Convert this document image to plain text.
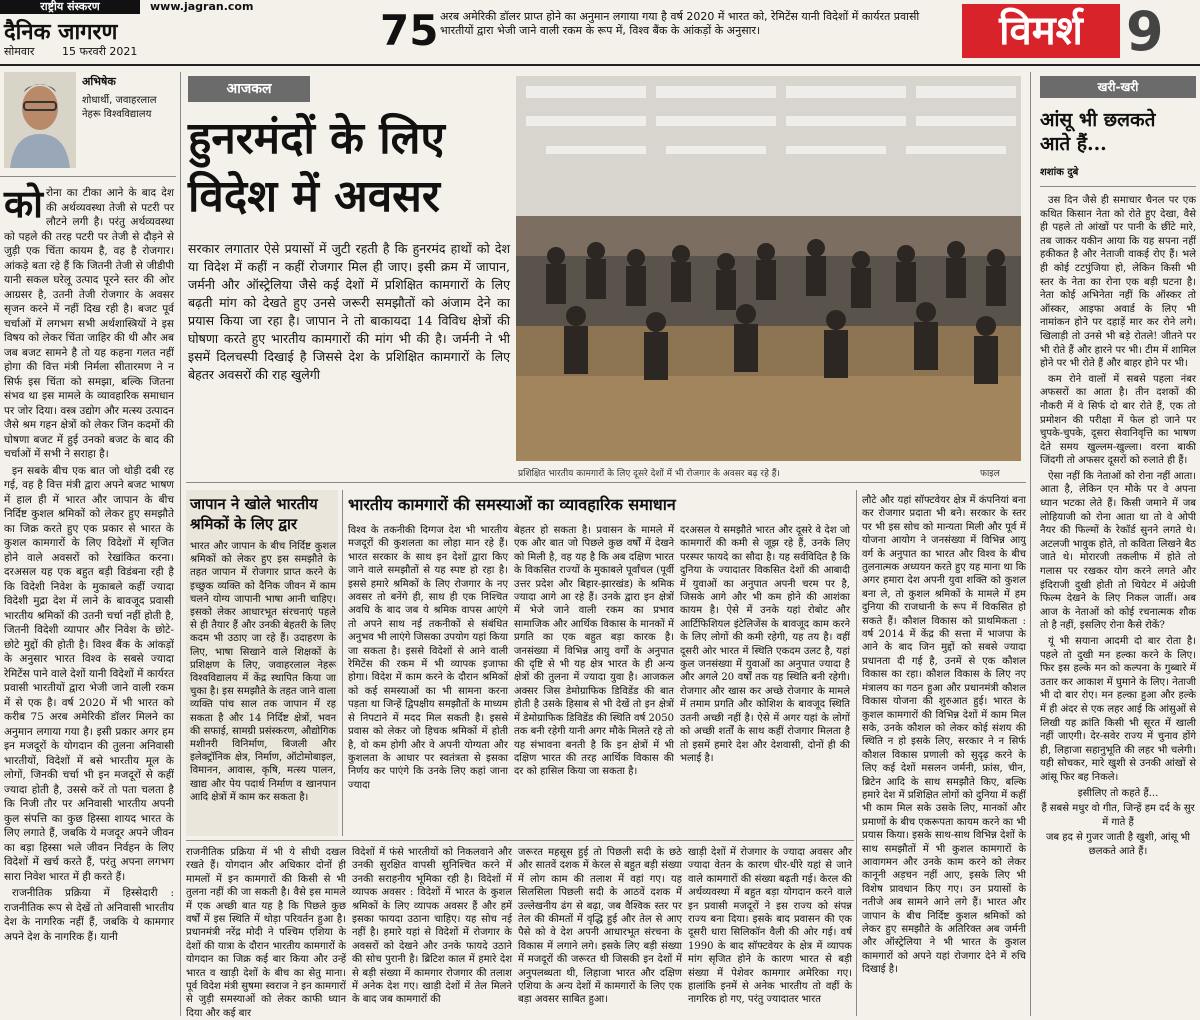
राष्ट्रीय संस्करण	www.jagran.com
दैनिक जागरण
सोमवार	15 फरवरी 2021	75 अरब अमेरिकी डॉलर प्राप्त होने का अनुमान लगाया गया है वर्ष 2020 में भारत को, रेमिटेंस यानी विदेशों में कार्यरत प्रवासी भारतीयों द्वारा भेजी जाने वाली रकम के रूप में, विश्व बैंक के आंकड़ों के अनुसार।	विमर्श 9
अभिषेक
शोधार्थी, जवाहरलाल
नेहरू विश्वविद्यालय

कोरोना का टीका आने के बाद देश की अर्थव्यवस्था तेजी से पटरी पर लौटने लगी है। परंतु अर्थव्यवस्था को पहले की तरह पटरी पर तेजी से दौड़ने से जुड़ी एक चिंता कायम है, वह है रोजगार। आंकड़े बता रहे हैं कि जितनी तेजी से जीडीपी यानी सकल घरेलू उत्पाद पूरने स्तर की ओर आग्रसर है, उतनी तेजी रोजगार के अवसर सृजन करने में नहीं दिख रही है। बजट पूर्व चर्चाओं में लगभग सभी अर्थशास्त्रियों ने इस विषय को लेकर चिंता जाहिर की थी और अब जब बजट सामने है तो यह कहना गलत नहीं होगा की वित्त मंत्री निर्मला सीतारमण ने न सिर्फ इस चिंता को समझा, बल्कि जितना संभव था इस मामले के व्यावहारिक समाधान पर जोर दिया। वस्त्र उद्योग और मत्स्य उत्पादन जैसे श्रम गहन क्षेत्रों को लेकर जिन कदमों की घोषणा बजट में हुई उनको बजट के बाद की चर्चाओं में सभी ने सराहा है।

इन सबके बीच एक बात जो थोड़ी दबी रह गई, वह है वित्त मंत्री द्वारा अपने बजट भाषण में हाल ही में भारत और जापान के बीच निर्दिष्ट कुशल श्रमिकों को लेकर हुए समझौते का जिक्र करते हुए एक प्रकार से भारत के कुशल कामगारों के लिए विदेशों में सृजित होने वाले अवसरों को रेखांकित करना। दरअसल यह एक बहुत बड़ी विडंबना रही है कि विदेशी निवेश के मुकाबले कहीं ज्यादा विदेशी मुद्रा देश में लाने के बावजूद प्रवासी भारतीय श्रमिकों की उतनी चर्चा नहीं होती है, जितनी विदेशी व्यापार और निवेश के छोटे-छोटे मुद्दों की होती है। विश्व बैंक के आंकड़ों के अनुसार भारत विश्व के सबसे ज्यादा रेमिटेंस पाने वाले देशों यानी विदेशों में कार्यरत प्रवासी भारतीयों द्वारा भेजी जाने वाली रकम में से एक है। वर्ष 2020 में भी भारत को करीब 75 अरब अमेरिकी डॉलर मिलने का अनुमान लगाया गया है। इसी प्रकार अगर हम इन मजदूरों के योगदान की तुलना अनिवासी भारतीयों, विदेशों में बसे भारतीय मूल के लोगों, जिनकी चर्चा भी इन मजदूरों से कहीं ज्यादा होती है, उससे करें तो पता चलता है कि निजी तौर पर अनिवासी भारतीय अपनी कुल संपत्ति का कुछ हिस्सा शायद भारत के लिए लगाते हैं, जबकि ये मजदूर अपने जीवन का बड़ा हिस्सा भले जीवन निर्वहन के लिए विदेशों में खर्च करते हैं, परंतु अपना लगभग सारा निवेश भारत में ही करते हैं।

राजनीतिक प्रक्रिया में हिस्सेदारी : राजनीतिक रूप से देखें तो अनिवासी भारतीय देश के नागरिक नहीं हैं, जबकि ये कामगार अपने देश के नागरिक हैं। यानी

आजकल
हुनरमंदों के लिए
विदेश में अवसर
सरकार लगातार ऐसे प्रयासों में जुटी रहती है कि हुनरमंद हाथों को देश या विदेश में कहीं न कहीं रोजगार मिल ही जाए। इसी क्रम में जापान, जर्मनी और ऑस्ट्रेलिया जैसे कई देशों में प्रशिक्षित कामगारों के लिए बढ़ती मांग को देखते हुए उनसे जरूरी समझौतों को अंजाम देने का प्रयास किया जा रहा है। जापान ने तो बाकायदा 14 विविध क्षेत्रों की घोषणा करते हुए भारतीय कामगारों की मांग भी की है। जर्मनी ने भी इसमें दिलचस्पी दिखाई है जिससे देश के प्रशिक्षित कामगारों के लिए बेहतर अवसरों की राह खुलेगी
प्रशिक्षित भारतीय कामगारों के लिए दूसरे देशों में भी रोजगार के अवसर बढ़ रहे हैं।	फाइल
खरी-खरी
आंसू भी छलकते
आते हैं...
शशांक दुबे

उस दिन जैसे ही समाचार चैनल पर एक कथित किसान नेता को रोते हुए देखा, वैसे ही पहले तो आंखों पर पानी के छींटे मारे, तब जाकर यकीन आया कि यह सपना नहीं हकीकत है और नेताजी वाकई रोए हैं। भले ही कोई टटपुंजिया हो, लेकिन किसी भी स्तर के नेता का रोना एक बड़ी घटना है। नेता कोई अभिनेता नहीं कि ऑस्कर तो ऑस्कर, आइफा अवार्ड के लिए भी नामांकन होने पर दहाड़ें मार कर रोने लगे। खिलाड़ी तो उनसे भी बड़े रोतले! जीतने पर भी रोते हैं और हारने पर भी। टीम में शामिल होने पर भी रोते हैं और बाहर होने पर भी।

कम रोने वालों में सबसे पहला नंबर अफसरों का आता है। तीन दशकों की नौकरी में वे सिर्फ दो बार रोते हैं, एक तो प्रमोशन की परीक्षा में फेल हो जाने पर चुपके-चुपके, दूसरा सेवानिवृत्ति का भाषण देते समय खुल्लम-खुल्ला। वरना बाकी जिंदगी तो अफसर दूसरों को रुलाते ही हैं।

ऐसा नहीं कि नेताओं को रोना नहीं आता। आता है, लेकिन एन मौके पर वे अपना ध्यान भटका लेते हैं। किसी जमाने में जब लोहियाजी को रोना आता था तो वे ओपी नैयर की फिल्मों के रेकॉर्ड सुनने लगते थे। अटलजी भावुक होते, तो कविता लिखने बैठ जाते थे। मोरारजी तकलीफ में होते तो गलास पर रखकर योग करने लगते और इंदिराजी दुखी होती तो थियेटर में अंग्रेजी फिल्म देखने के लिए निकल जातीं। अब आज के नेताओं को कोई रचनात्मक शौक तो है नहीं, इसलिए रोना कैसे रोकें?

यूं भी सयाना आदमी दो बार रोता है। पहले तो दुखी मन हल्का करने के लिए। फिर इस हल्के मन को कल्पना के गुब्बारे में उतार कर आकाश में घुमाने के लिए। नेताजी भी दो बार रोए। मन हल्का हुआ और हल्के में ही अंदर से एक लहर आई कि आंसुओं से लिखी यह क्रांति किसी भी सूरत में खाली नहीं जाएगी। देर-सवेर राज्य में चुनाव होंगे ही, लिहाजा सहानुभूति की लहर भी चलेगी। यही सोचकर, मारे खुशी से उनकी आंखों से आंसू फिर बह निकले।

इसीलिए तो कहते हैं...

हैं सबसे मधुर वो गीत, जिन्हें हम दर्द के सुर में गाते हैं

जब हद से गुजर जाती है खुशी, आंसू भी छलकते आते हैं।

जापान ने खोले भारतीय
श्रमिकों के लिए द्वार
भारत और जापान के बीच निर्दिष्ट कुशल श्रमिकों को लेकर हुए इस समझौते के तहत जापान में रोजगार प्राप्त करने के इच्छुक व्यक्ति को दैनिक जीवन में काम चलने योग्य जापानी भाषा आनी चाहिए। इसको लेकर आधारभूत संरचनाएं पहले से ही तैयार हैं और उनकी बेहतरी के लिए कदम भी उठाए जा रहे हैं। उदाहरण के लिए, भाषा सिखाने वाले शिक्षकों के प्रशिक्षण के लिए, जवाहरलाल नेहरू विश्वविद्यालय में केंद्र स्थापित किया जा चुका है। इस समझौते के तहत जाने वाला व्यक्ति पांच साल तक जापान में रह सकता है और 14 निर्दिष्ट क्षेत्रों, भवन की सफाई, सामग्री प्रसंस्करण, औद्योगिक मशीनरी विनिर्माण, बिजली और इलेक्ट्रॉनिक क्षेत्र, निर्माण, ऑटोमोबाइल, विमानन, आवास, कृषि, मत्स्य पालन, खाद्य और पेय पदार्थ निर्माण व खानपान आदि क्षेत्रों में काम कर सकता है।
भारतीय कामगारों की समस्याओं का व्यावहारिक समाधान
विश्व के तकनीकी दिग्गज देश भी भारतीय मजदूरों की कुशलता का लोहा मान रहे हैं। भारत सरकार के साथ इन देशों द्वारा किए जाने वाले समझौतों से यह स्पष्ट हो रहा है। इससे हमारे श्रमिकों के लिए रोजगार के नए अवसर तो बनेंगे ही, साथ ही एक निश्चित अवधि के बाद जब ये श्रमिक वापस आएंगे तो अपने साथ नई तकनीकों से संबंधित अनुभव भी लाएंगे जिसका उपयोग यहां किया जा सकता है। इससे विदेशों से आने वाली रेमिटेंस की रकम में भी व्यापक इजाफा होगा। विदेश में काम करने के दौरान श्रमिकों को कई समस्याओं का भी सामना करना पड़ता था जिन्हें द्विपक्षीय समझौतों के माध्यम से निपटाने में मदद मिल सकती है। इससे प्रवास को लेकर जो हिचक श्रमिकों में होती है, वो कम होगी और वे अपनी योग्यता और कुशलता के आधार पर स्वतंत्रता से इसका निर्णय कर पाएंगे कि उनके लिए कहां जाना ज्यादा
बेहतर हो सकता है। प्रवासन के मामले में एक और बात जो पिछले कुछ वर्षों में देखने को मिली है, वह यह है कि अब दक्षिण भारत के विकसित राज्यों के मुकाबले पूर्वांचल (पूर्वी उत्तर प्रदेश और बिहार-झारखंड) के श्रमिक ज्यादा आगे आ रहे हैं। उनके द्वारा इन क्षेत्रों में भेजे जाने वाली रकम का प्रभाव सामाजिक और आर्थिक विकास के मानकों में प्रगति का एक बहुत बड़ा कारक है। जनसंख्या में विभिन्न आयु वर्गों के अनुपात की दृष्टि से भी यह क्षेत्र भारत के ही अन्य क्षेत्रों की तुलना में ज्यादा युवा है। आजकल अक्सर जिस डेमोग्राफिक डिविडेंड की बात होती है उसके हिसाब से भी देखें तो इन क्षेत्रों में डेमोग्राफिक डिविडेंड की स्थिति वर्ष 2050 तक बनी रहेगी यानी अगर मौके मिलते रहे तो यह संभावना बनती है कि इन क्षेत्रों में भी दक्षिण भारत की तरह आर्थिक विकास की दर को हासिल किया जा सकता है।
दरअसल ये समझौते भारत और दूसरे वे देश जो कामगारों की कमी से जूझ रहे हैं, उनके लिए परस्पर फायदे का सौदा है। यह सर्वविदित है कि दुनिया के ज्यादातर विकसित देशों की आबादी में युवाओं का अनुपात अपनी चरम पर है, जिसके आगे और भी कम होने की आशंका कायम है। ऐसे में उनके यहां रोबोट और आर्टिफिशियल इंटेलिजेंस के बावजूद काम करने के लिए लोगों की कमी रहेगी, यह तय है। वहीं दूसरी ओर भारत में स्थिति एकदम उलट है, यहां कुल जनसंख्या में युवाओं का अनुपात ज्यादा है और अगले 20 वर्षों तक यह स्थिति बनी रहेगी। रोजगार और खास कर अच्छे रोजगार के मामले में तमाम प्रगति और कोशिश के बावजूद स्थिति उतनी अच्छी नहीं है। ऐसे में अगर यहां के लोगों को अच्छी शर्तों के साथ कहीं रोजगार मिलता है तो इसमें हमारे देश और देशवासी, दोनों ही की भलाई है।
राजनीतिक प्रक्रिया में भी ये सीधी दखल रखते हैं। योगदान और अधिकार दोनों ही मामलों में इन कामगारों की किसी से भी तुलना नहीं की जा सकती है। वैसे इस मामले में एक अच्छी बात यह है कि पिछले कुछ वर्षों में इस स्थिति में थोड़ा परिवर्तन हुआ है। प्रधानमंत्री नरेंद्र मोदी ने पश्चिम एशिया के देशों की यात्रा के दौरान भारतीय कामगारों के योगदान का जिक्र कई बार किया और उन्हें भारत व खाड़ी देशों के बीच का सेतु माना। पूर्व विदेश मंत्री सुषमा स्वराज ने इन कामगारों से जुड़ी समस्याओं को लेकर काफी ध्यान दिया और कई बार
विदेशों में फंसे भारतीयों को निकलवाने और उनकी सुरक्षित वापसी सुनिश्चित करने में उनकी सराहनीय भूमिका रही है। विदेशों में व्यापक अवसर : विदेशों में भारत के कुशल श्रमिकों के लिए व्यापक अवसर हैं और हमें इसका फायदा उठाना चाहिए। यह सोच नई नहीं है। हमारे यहां से विदेशों में रोजगार के अवसरों को देखने और उनके फायदे उठाने की सोच पुरानी है। ब्रिटिश काल में हमारे देश से बड़ी संख्या में कामगार रोजगार की तलाश में अनेक देश गए। खाड़ी देशों में तेल मिलने के बाद जब कामगारों की
जरूरत महसूस हुई तो पिछली सदी के छठे और सातवें दशक में केरल से बहुत बड़ी संख्या में लोग काम की तलाश में वहां गए। यह सिलसिला पिछली सदी के आठवें दशक में उल्लेखनीय ढंग से बढ़ा, जब वैश्विक स्तर पर तेल की कीमतों में वृद्धि हुई और तेल से आए पैसे को वे देश अपनी आधारभूत संरचना के विकास में लगाने लगे। इसके लिए बड़ी संख्या में मजदूरों की जरूरत थी जिसकी इन देशों में अनुपलब्धता थी, लिहाजा भारत और दक्षिण एशिया के अन्य देशों में कामगारों के लिए एक बड़ा अवसर साबित हुआ।
खाड़ी देशों में रोजगार के ज्यादा अवसर और ज्यादा वेतन के कारण धीर-धीरे यहां से जाने वाले कामगारों की संख्या बढ़ती गई। केरल की अर्थव्यवस्था में बहुत बड़ा योगदान करने वाले इन प्रवासी मजदूरों ने इस राज्य को संपन्न राज्य बना दिया। इसके बाद प्रवासन की एक दूसरी धारा सिलिकॉन वैली की ओर गई। वर्ष 1990 के बाद सॉफ्टवेयर के क्षेत्र में व्यापक मांग सृजित होने के कारण भारत से बड़ी संख्या में पेशेवर कामगार अमेरिका गए। हालांकि इनमें से अनेक भारतीय तो वहीं के नागरिक हो गए, परंतु ज्यादातर भारत
लौटे और यहां सॉफ्टवेयर क्षेत्र में कंपनियां बना कर रोजगार प्रदाता भी बने। सरकार के स्तर पर भी इस सोच को मान्यता मिली और पूर्व में योजना आयोग ने जनसंख्या में विभिन्न आयु वर्ग के अनुपात का भारत और विश्व के बीच तुलनात्मक अध्ययन करते हुए यह माना था कि अगर हमारा देश अपनी युवा शक्ति को कुशल बना ले, तो कुशल श्रमिकों के मामले में हम दुनिया की राजधानी के रूप में विकसित हो सकते हैं। कौशल विकास को प्राथमिकता : वर्ष 2014 में केंद्र की सत्ता में भाजपा के आने के बाद जिन मुद्दों को सबसे ज्यादा प्रधानता दी गई है, उनमें से एक कौशल विकास का रहा। कौशल विकास के लिए नए मंत्रालय का गठन हुआ और प्रधानमंत्री कौशल विकास योजना की शुरुआत हुई। भारत के कुशल कामगारों की विभिन्न देशों में काम मिल सके, उनके कौशल को लेकर कोई संशय की स्थिति न हो इसके लिए, सरकार ने न सिर्फ कौशल विकास प्रणाली को सुदृढ़ करने के लिए कई देशों मसलन जर्मनी, फ्रांस, चीन, ब्रिटेन आदि के साथ समझौते किए, बल्कि हमारे देश में प्रशिक्षित लोगों को दुनिया में कहीं भी काम मिल सके उसके लिए, मानकों और प्रमाणों के बीच एकरूपता कायम करने का भी प्रयास किया। इसके साथ-साथ विभिन्न देशों के साथ समझौतों में भी कुशल कामगारों के आवागमन और उनके काम करने को लेकर कानूनी अड़चन नहीं आए, इसके लिए भी विशेष प्रावधान किए गए। उन प्रयासों के नतीजे अब सामने आने लगे हैं। भारत और जापान के बीच निर्दिष्ट कुशल श्रमिकों को लेकर हुए समझौते के अतिरिक्त अब जर्मनी और ऑस्ट्रेलिया ने भी भारत के कुशल कामगारों को अपने यहां रोजगार देने में रुचि दिखाई है।
